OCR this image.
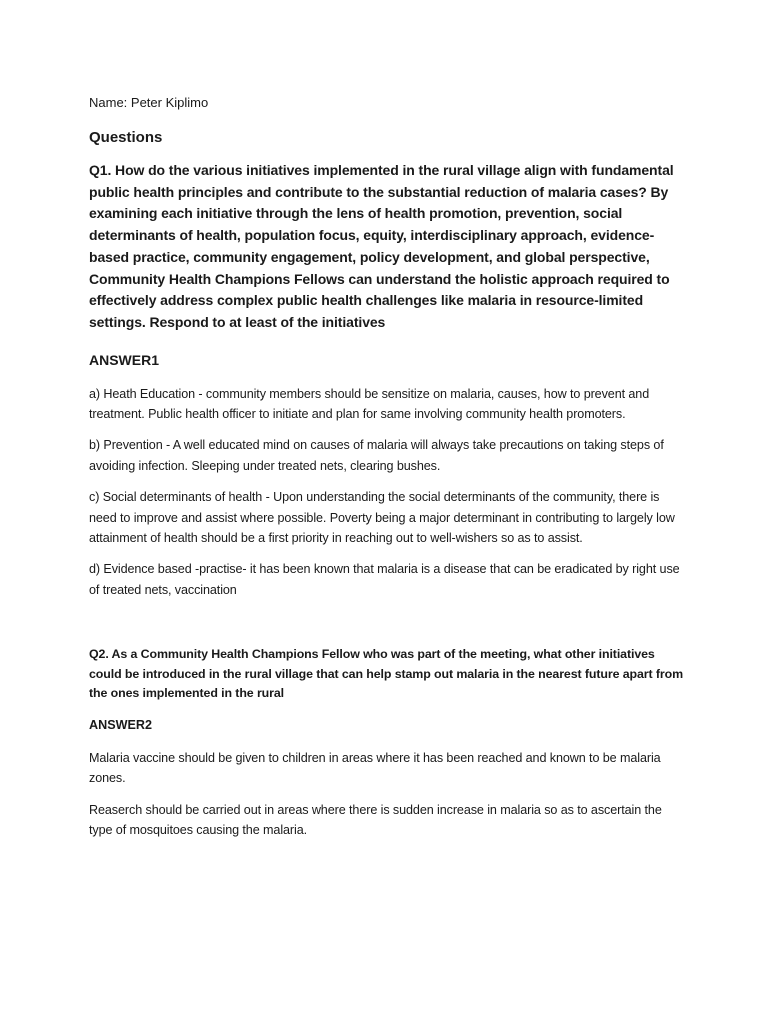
Name: Peter Kiplimo

Questions

Q1. How do the various initiatives implemented in the rural village align with fundamental public health principles and contribute to the substantial reduction of malaria cases? By examining each initiative through the lens of health promotion, prevention, social determinants of health, population focus, equity, interdisciplinary approach, evidence-based practice, community engagement, policy development, and global perspective, Community Health Champions Fellows can understand the holistic approach required to effectively address complex public health challenges like malaria in resource-limited settings. Respond to at least of the initiatives

ANSWER1

a) Heath Education - community members should be sensitize on malaria, causes, how to prevent and treatment. Public health officer to initiate and plan for same involving community health promoters.

b) Prevention - A well educated mind on causes of malaria will always take precautions on taking steps of avoiding infection. Sleeping under treated nets, clearing bushes.

c) Social determinants of health - Upon understanding the social determinants of the community, there is need to improve and assist where possible. Poverty being a major determinant in contributing to largely low attainment of health should be a first priority in reaching out to well-wishers so as to assist.

d) Evidence based -practise- it has been known that malaria is a disease that can be eradicated by right use of treated nets, vaccination

Q2. As a Community Health Champions Fellow who was part of the meeting, what other initiatives could be introduced in the rural village that can help stamp out malaria in the nearest future apart from the ones implemented in the rural

ANSWER2

Malaria vaccine should be given to children in areas where it has been reached and known to be malaria zones.

Reaserch should be carried out in areas where there is sudden increase in malaria so as to ascertain the type of mosquitoes causing the malaria.
